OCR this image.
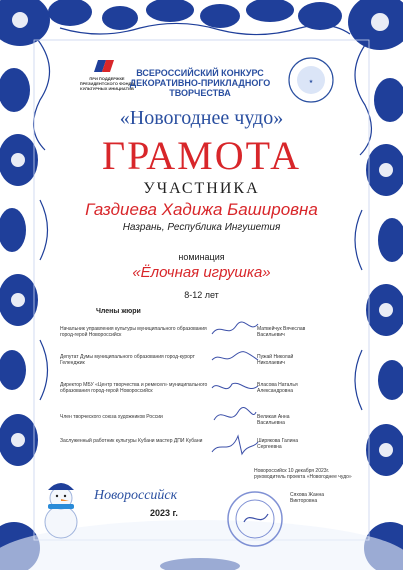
ПРИ ПОДДЕРЖКЕ ПРЕЗИДЕНТСКОГО ФОНДА КУЛЬТУРНЫХ ИНИЦИАТИВ
ВСЕРОССИЙСКИЙ КОНКУРС
ДЕКОРАТИВНО-ПРИКЛАДНОГО
ТВОРЧЕСТВА
★
«Новогоднее чудо»
ГРАМОТА
УЧАСТНИКА
Газдиева Хадижа Башировна
Назрань, Республика Ингушетия
номинация
«Ёлочная игрушка»
8-12 лет
Члены жюри
Начальник управления культуры муниципального образования город-герой Новороссийск
Матвейчук Вячеслав Васильевич
Депутат Думы муниципального образования город-курорт Геленджик
Пужай Николай Николаевич
Директор МБУ «Центр творчества и ремесел» муниципального образования город-герой Новороссийск
Власова Наталья Александровна
Член творческого союза художников России	Великая Анна Васильевна
Заслуженный работник культуры Кубани мастер ДПИ Кубани	Ширякова Галина Сергеевна
Новороссийск
2023 г.
Новороссийск 10 декабря 2023г. руководитель проекта «Новогоднее чудо»
Сяхова Жанна Викторовна
